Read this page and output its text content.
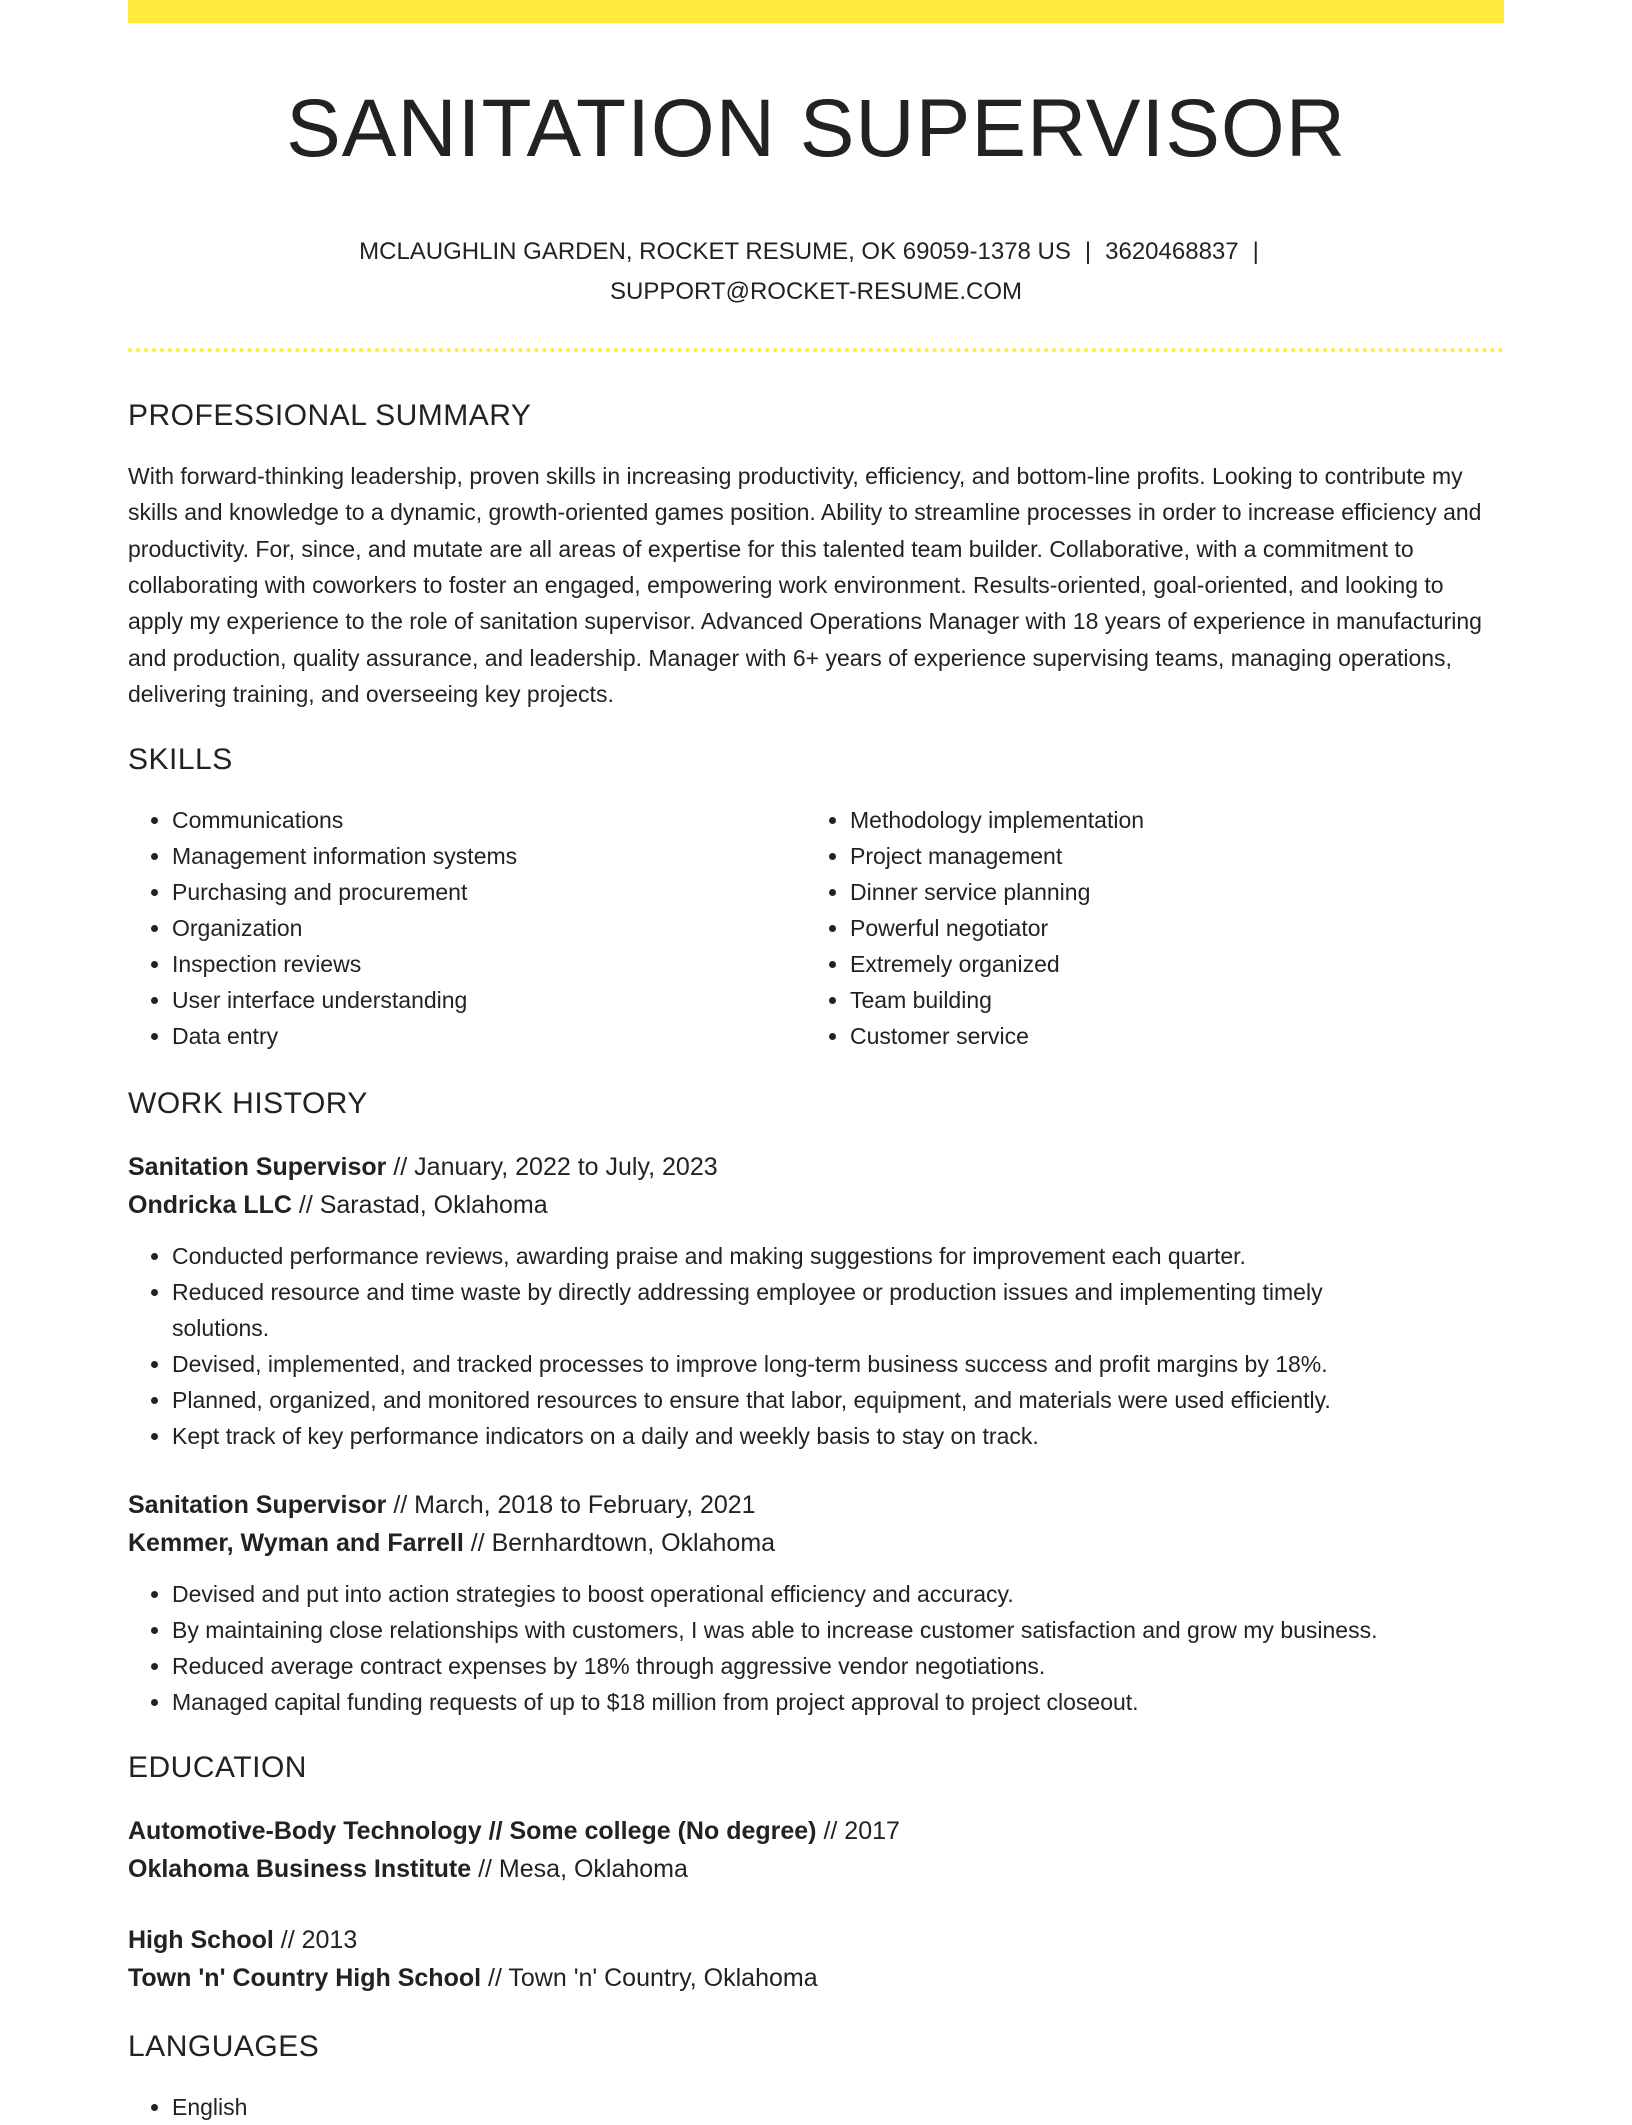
SANITATION SUPERVISOR
MCLAUGHLIN GARDEN, ROCKET RESUME, OK 69059-1378 US | 3620468837 |
SUPPORT@ROCKET-RESUME.COM
PROFESSIONAL SUMMARY

With forward-thinking leadership, proven skills in increasing productivity, efficiency, and bottom-line profits. Looking to contribute my skills and knowledge to a dynamic, growth-oriented games position. Ability to streamline processes in order to increase efficiency and productivity. For, since, and mutate are all areas of expertise for this talented team builder. Collaborative, with a commitment to collaborating with coworkers to foster an engaged, empowering work environment. Results-oriented, goal-oriented, and looking to apply my experience to the role of sanitation supervisor. Advanced Operations Manager with 18 years of experience in manufacturing and production, quality assurance, and leadership. Manager with 6+ years of experience supervising teams, managing operations, delivering training, and overseeing key projects.

SKILLS
• Communications
• Management information systems
• Purchasing and procurement
• Organization
• Inspection reviews
• User interface understanding
• Data entry
• Methodology implementation
• Project management
• Dinner service planning
• Powerful negotiator
• Extremely organized
• Team building
• Customer service
WORK HISTORY

Sanitation Supervisor // January, 2022 to July, 2023

Ondricka LLC // Sarastad, Oklahoma

• Conducted performance reviews, awarding praise and making suggestions for improvement each quarter.
• Reduced resource and time waste by directly addressing employee or production issues and implementing timely solutions.
• Devised, implemented, and tracked processes to improve long-term business success and profit margins by 18%.
• Planned, organized, and monitored resources to ensure that labor, equipment, and materials were used efficiently.
• Kept track of key performance indicators on a daily and weekly basis to stay on track.

Sanitation Supervisor // March, 2018 to February, 2021

Kemmer, Wyman and Farrell // Bernhardtown, Oklahoma

• Devised and put into action strategies to boost operational efficiency and accuracy.
• By maintaining close relationships with customers, I was able to increase customer satisfaction and grow my business.
• Reduced average contract expenses by 18% through aggressive vendor negotiations.
• Managed capital funding requests of up to $18 million from project approval to project closeout.
EDUCATION

Automotive-Body Technology // Some college (No degree) // 2017

Oklahoma Business Institute // Mesa, Oklahoma

High School // 2013

Town 'n' Country High School // Town 'n' Country, Oklahoma

LANGUAGES
• English
